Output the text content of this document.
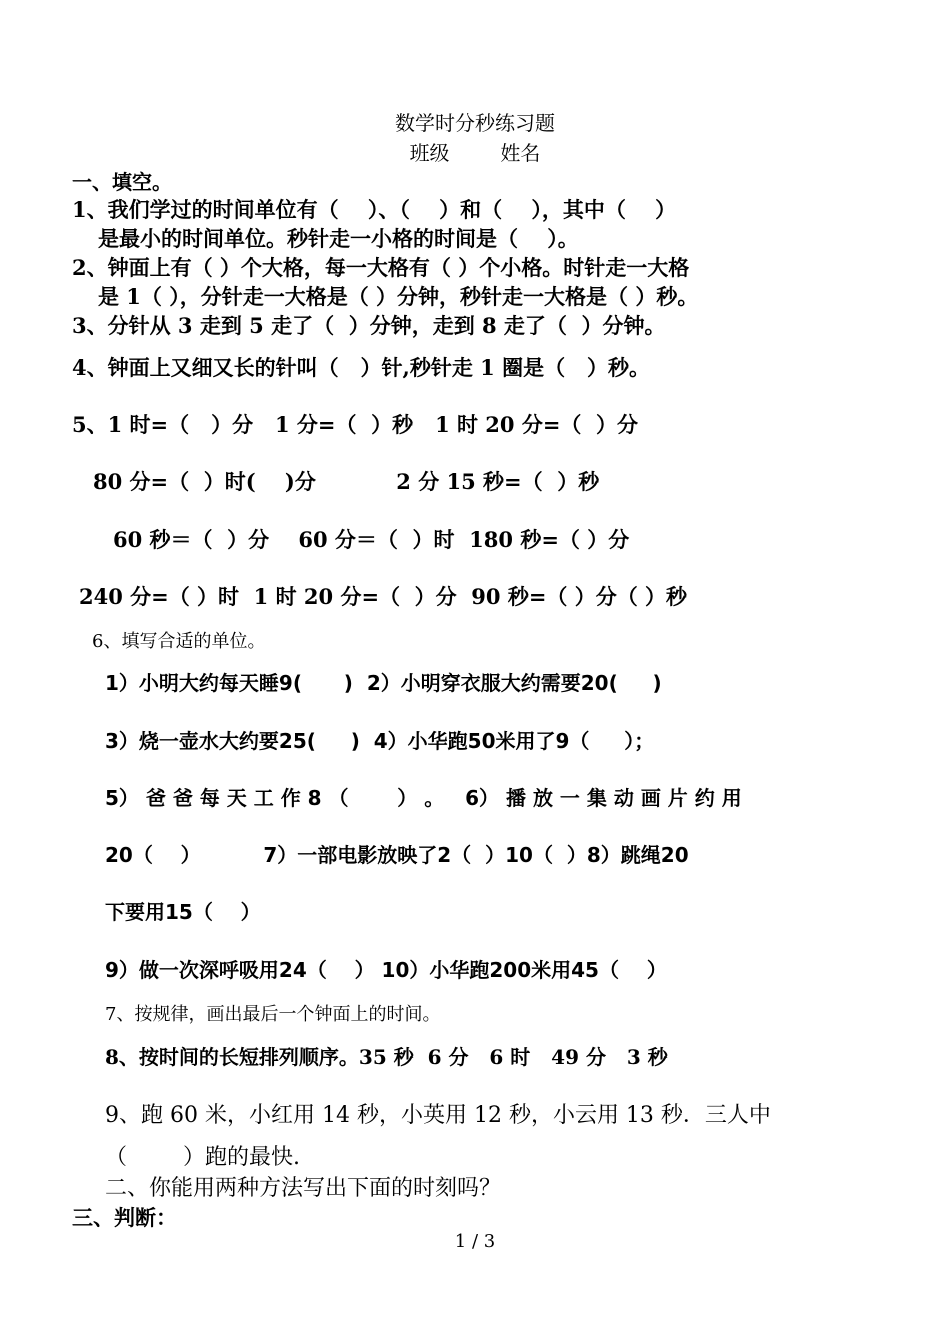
数学时分秒练习题
班级        姓名
一、填空。
1、我们学过的时间单位有（    ）、（    ）和（    ），其中（    ）
是最小的时间单位。秒针走一小格的时间是（    ）。
2、钟面上有（ ）个大格，每一大格有（ ）个小格。时针走一大格
是 1（ ），分针走一大格是（ ）分钟，秒针走一大格是（ ）秒。
3、分针从 3 走到 5 走了（  ）分钟，走到 8 走了（  ）分钟。
4、钟面上又细又长的针叫（   ）针,秒针走 1 圈是（   ）秒。
5、1 时=（   ）分   1 分=（  ）秒   1 时 20 分=（  ）分
80 分=（  ）时(    )分           2 分 15 秒=（  ）秒
60 秒＝（  ）分    60 分＝（  ）时  180 秒=（ ）分
240 分=（ ）时  1 时 20 分=（  ）分  90 秒=（ ）分（ ）秒
6、填写合适的单位。
1）小明大约每天睡9(      )  2）小明穿衣服大约需要20(     )
3）烧一壶水大约要25(     )  4）小华跑50米用了9（     ）；
5） 爸 爸 每 天 工 作 8 （       ） 。   6） 播 放 一 集 动 画 片 约 用
20（    ）         7）一部电影放映了2（  ）10（  ）8）跳绳20
下要用15（    ）
9）做一次深呼吸用24（    ） 10）小华跑200米用45（    ）
7、按规律，画出最后一个钟面上的时间。
8、按时间的长短排列顺序。35 秒  6 分   6 时   49 分   3 秒
9、跑 60 米，小红用 14 秒，小英用 12 秒，小云用 13 秒．三人中
（        ）跑的最快.
二、你能用两种方法写出下面的时刻吗？
三、判断：
1 / 3
